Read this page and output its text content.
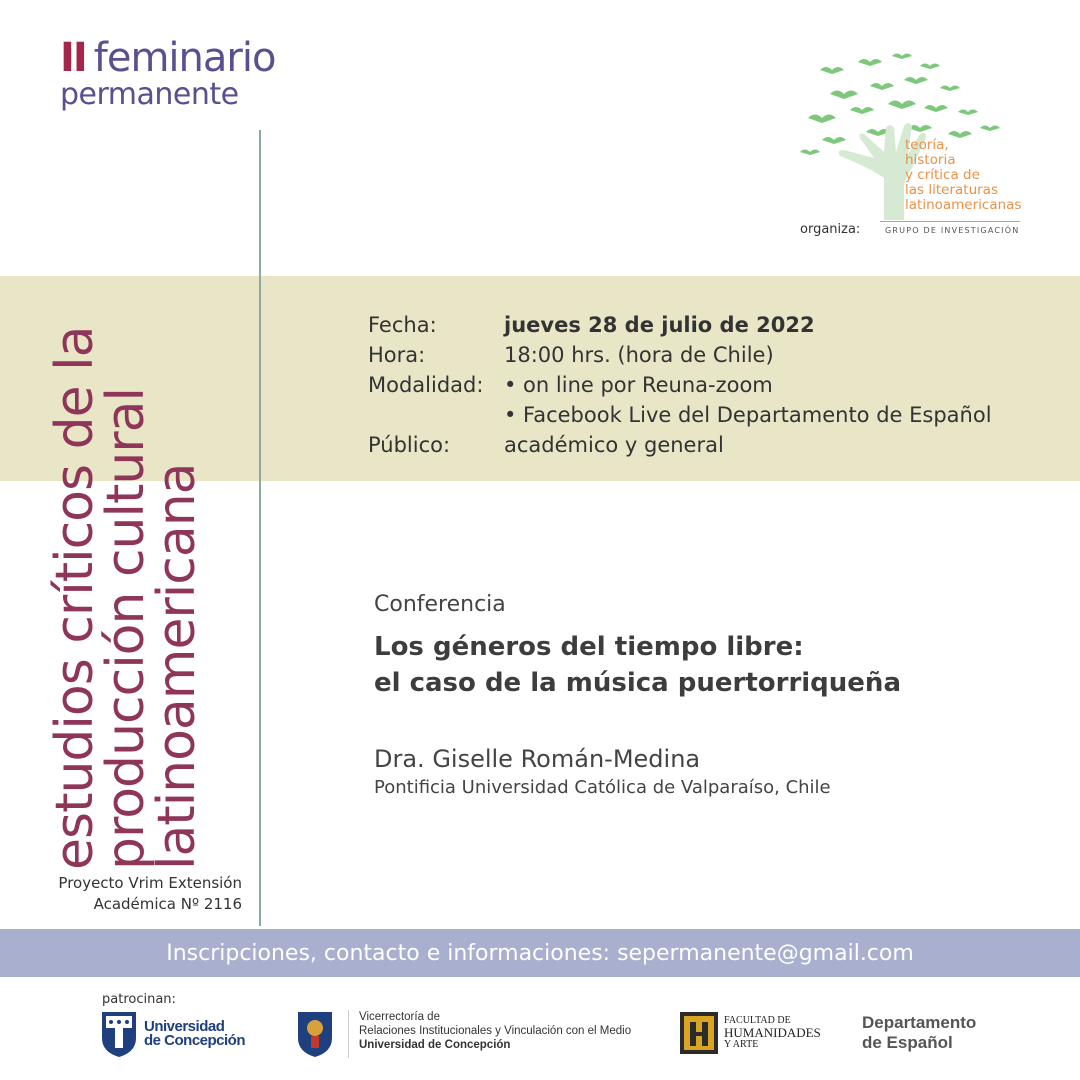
II feminario
permanente
estudios críticos de la
producción cultural
latinoamericana
teoría,
historia
y crítica de
las literaturas
latinoamericanas
organiza:	GRUPO DE INVESTIGACIÓN
Fecha:	jueves 28 de julio de 2022
Hora:	18:00 hrs. (hora de Chile)
Modalidad: • on line por Reuna-zoom
• Facebook Live del Departamento de Español
Público:	académico y general
Conferencia
Los géneros del tiempo libre:
el caso de la música puertorriqueña
Dra. Giselle Román-Medina
Pontificia Universidad Católica de Valparaíso, Chile
Proyecto Vrim Extensión
Académica Nº 2116
Inscripciones, contacto e informaciones: sepermanente@gmail.com
patrocinan:
Universidad
de Concepción
Vicerrectoría de
Relaciones Institucionales y Vinculación con el Medio
Universidad de Concepción
FACULTAD DE
HUMANIDADES
Y ARTE
Departamento
de Español
